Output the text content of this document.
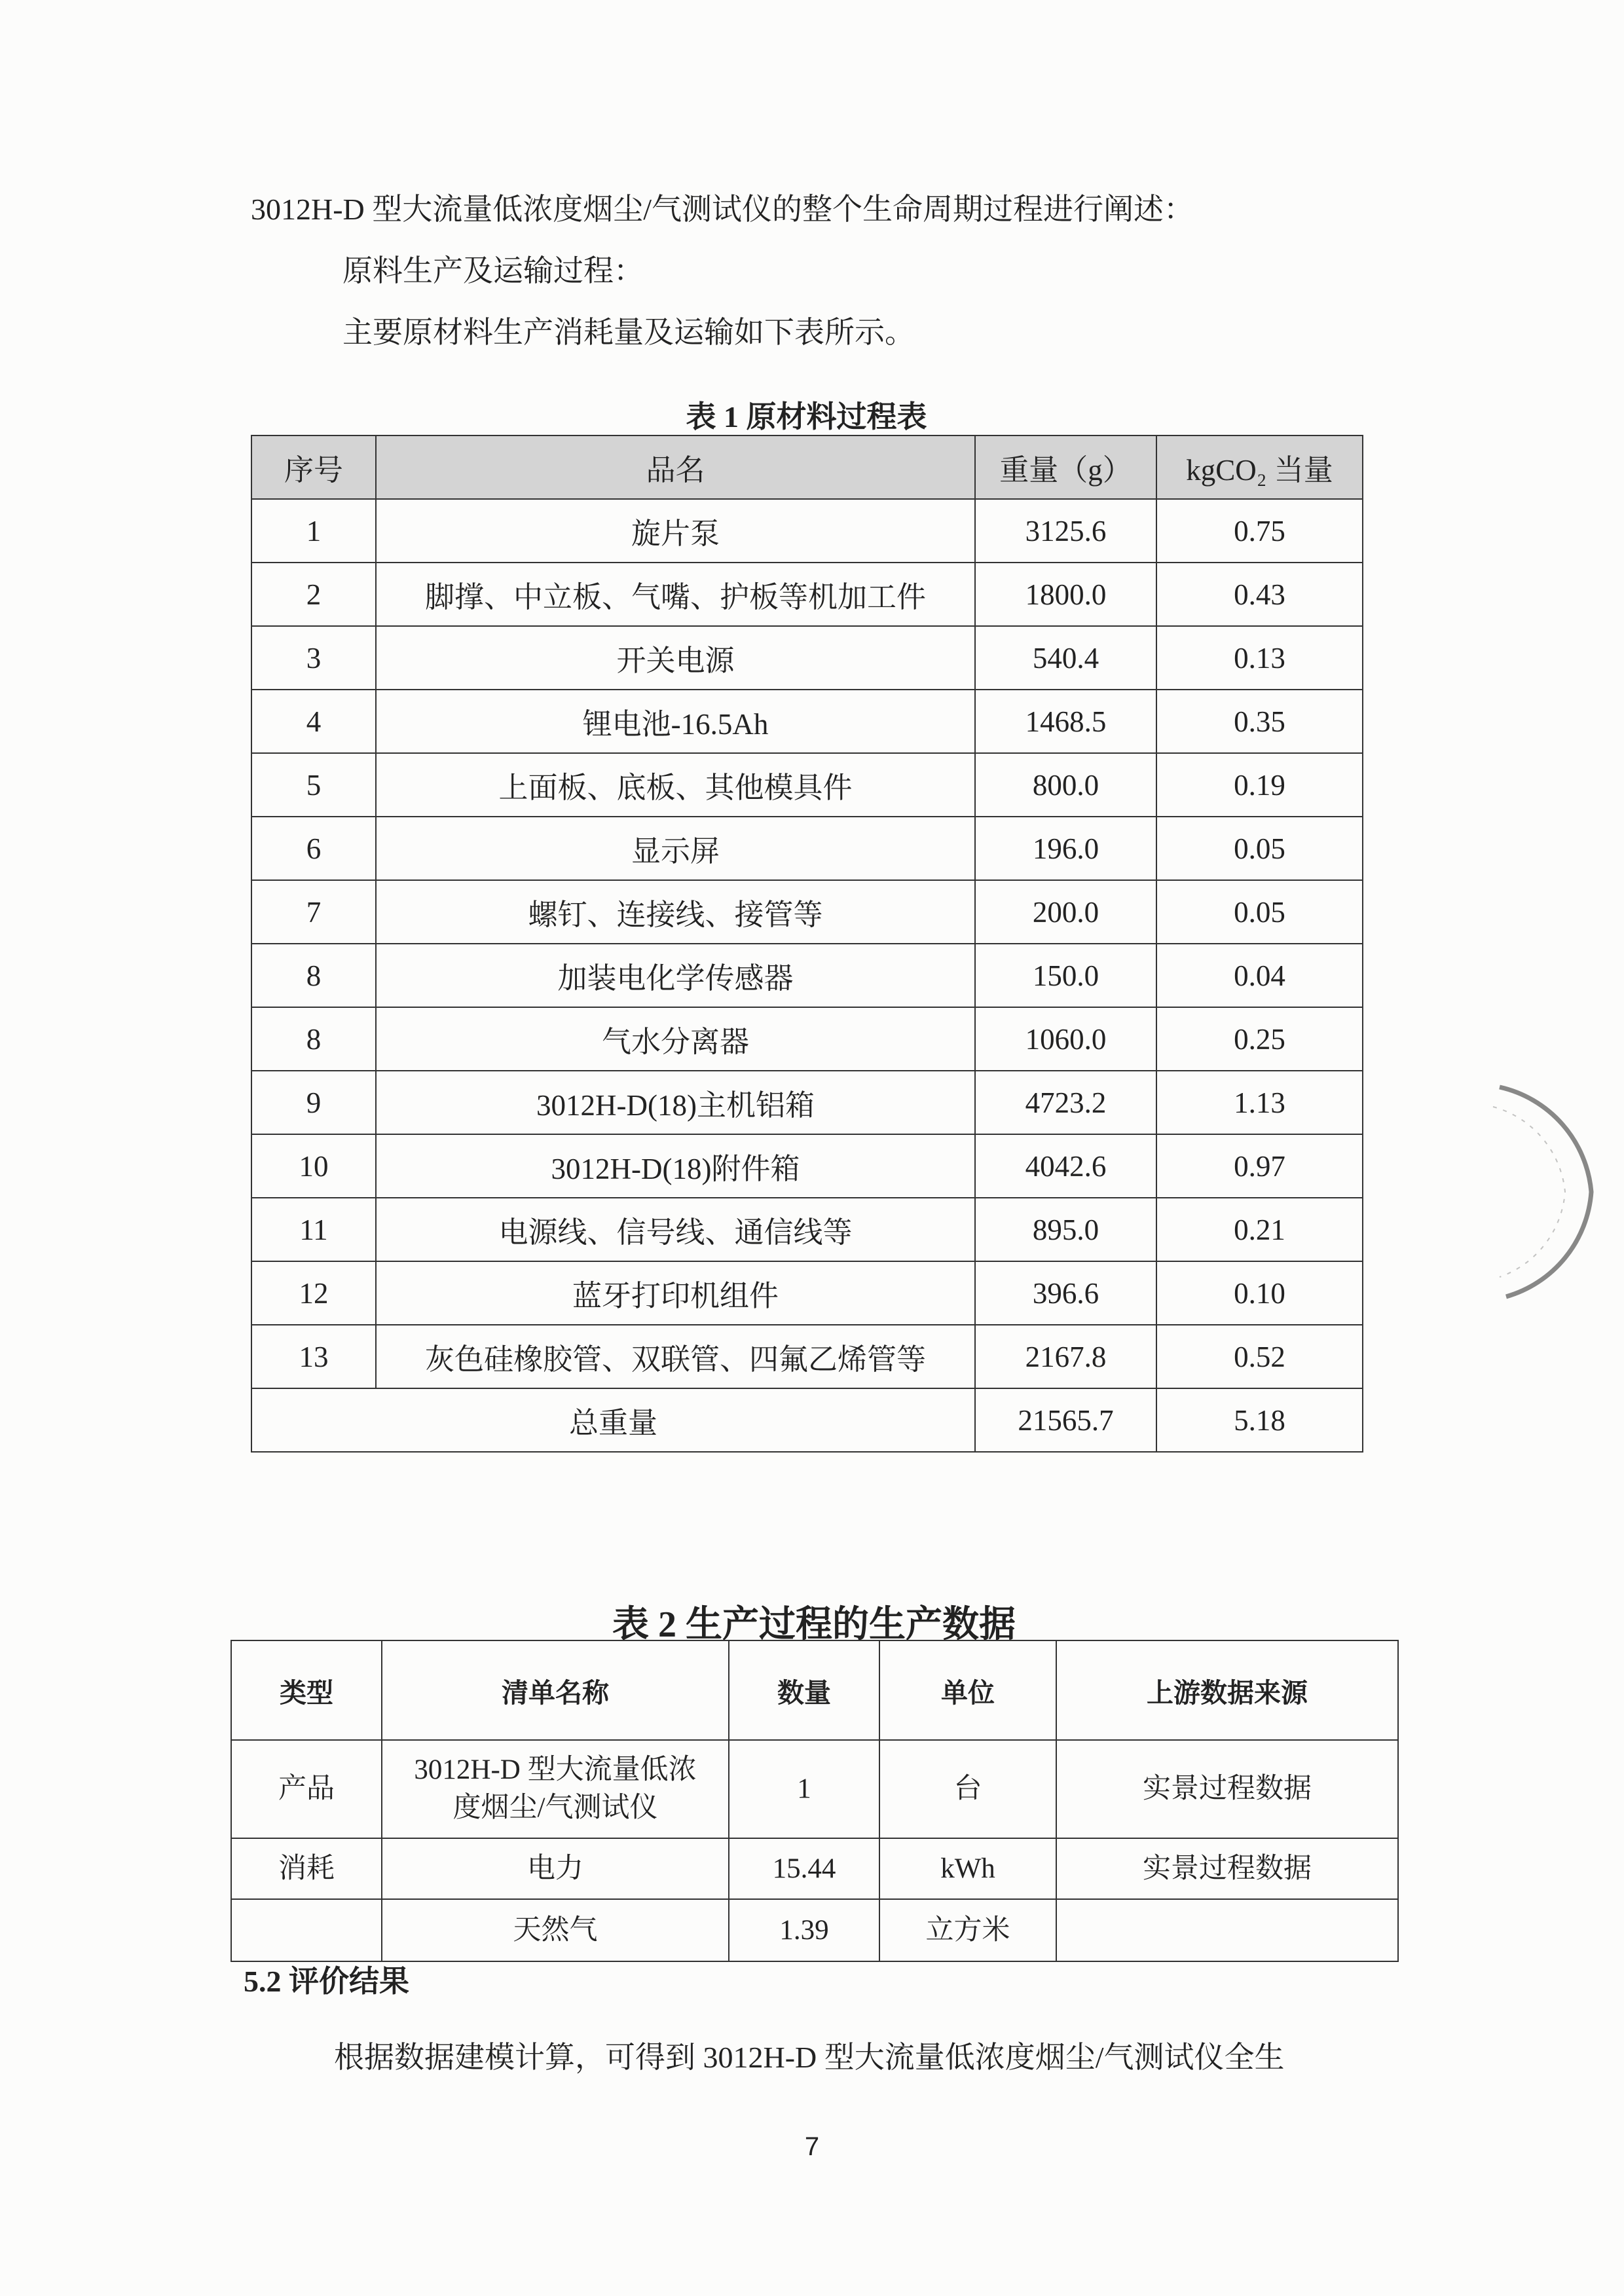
3012H-D 型大流量低浓度烟尘/气测试仪的整个生命周期过程进行阐述：
原料生产及运输过程：
主要原材料生产消耗量及运输如下表所示。
表 1 原材料过程表
序号	品名	重量（g）	kgCO₂ 当量
1	旋片泵	3125.6	0.75
2	脚撑、中立板、气嘴、护板等机加工件	1800.0	0.43
3	开关电源	540.4	0.13
4	锂电池-16.5Ah	1468.5	0.35
5	上面板、底板、其他模具件	800.0	0.19
6	显示屏	196.0	0.05
7	螺钉、连接线、接管等	200.0	0.05
8	加装电化学传感器	150.0	0.04
8	气水分离器	1060.0	0.25
9	3012H-D(18)主机铝箱	4723.2	1.13
10	3012H-D(18)附件箱	4042.6	0.97
11	电源线、信号线、通信线等	895.0	0.21
12	蓝牙打印机组件	396.6	0.10
13	灰色硅橡胶管、双联管、四氟乙烯管等	2167.8	0.52
总重量		21565.7	5.18
表 2 生产过程的生产数据
类型	清单名称	数量	单位	上游数据来源
产品	3012H-D 型大流量低浓度烟尘/气测试仪	1	台	实景过程数据
消耗	电力	15.44	kWh	实景过程数据
	天然气	1.39	立方米	
5.2 评价结果
根据数据建模计算，可得到 3012H-D 型大流量低浓度烟尘/气测试仪全生
7
